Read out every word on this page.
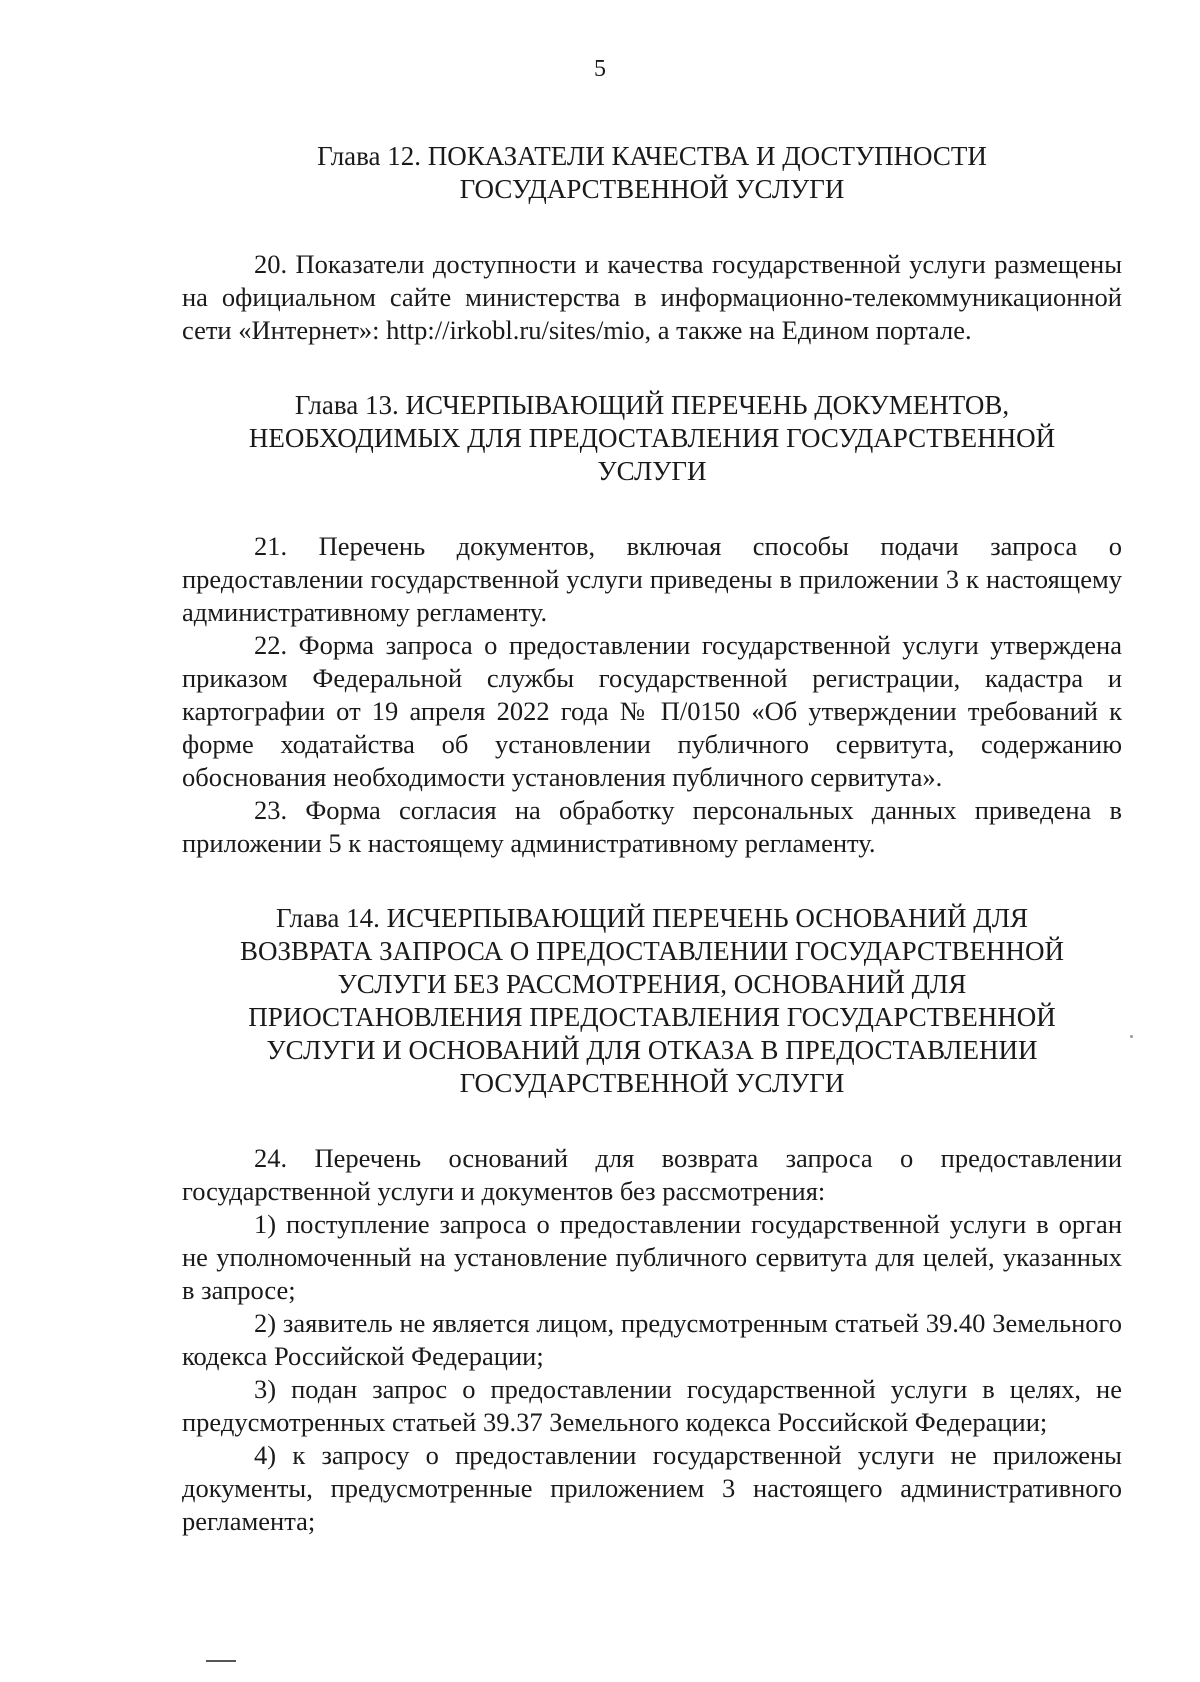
5
Глава 12. ПОКАЗАТЕЛИ КАЧЕСТВА И ДОСТУПНОСТИ
ГОСУДАРСТВЕННОЙ УСЛУГИ

20. Показатели доступности и качества государственной услуги размещены на официальном сайте министерства в информационно-телекоммуникационной сети «Интернет»: http://irkobl.ru/sites/mio, а также на Едином портале.

Глава 13. ИСЧЕРПЫВАЮЩИЙ ПЕРЕЧЕНЬ ДОКУМЕНТОВ,
НЕОБХОДИМЫХ ДЛЯ ПРЕДОСТАВЛЕНИЯ ГОСУДАРСТВЕННОЙ
УСЛУГИ

21. Перечень документов, включая способы подачи запроса о предоставлении государственной услуги приведены в приложении 3 к настоящему административному регламенту.

22. Форма запроса о предоставлении государственной услуги утверждена приказом Федеральной службы государственной регистрации, кадастра и картографии от 19 апреля 2022 года № П/0150 «Об утверждении требований к форме ходатайства об установлении публичного сервитута, содержанию обоснования необходимости установления публичного сервитута».

23. Форма согласия на обработку персональных данных приведена в приложении 5 к настоящему административному регламенту.

Глава 14. ИСЧЕРПЫВАЮЩИЙ ПЕРЕЧЕНЬ ОСНОВАНИЙ ДЛЯ
ВОЗВРАТА ЗАПРОСА О ПРЕДОСТАВЛЕНИИ ГОСУДАРСТВЕННОЙ
УСЛУГИ БЕЗ РАССМОТРЕНИЯ, ОСНОВАНИЙ ДЛЯ
ПРИОСТАНОВЛЕНИЯ ПРЕДОСТАВЛЕНИЯ ГОСУДАРСТВЕННОЙ
УСЛУГИ И ОСНОВАНИЙ ДЛЯ ОТКАЗА В ПРЕДОСТАВЛЕНИИ
ГОСУДАРСТВЕННОЙ УСЛУГИ

24. Перечень оснований для возврата запроса о предоставлении государственной услуги и документов без рассмотрения:

1) поступление запроса о предоставлении государственной услуги в орган не уполномоченный на установление публичного сервитута для целей, указанных в запросе;

2) заявитель не является лицом, предусмотренным статьей 39.40 Земельного кодекса Российской Федерации;

3) подан запрос о предоставлении государственной услуги в целях, не предусмотренных статьей 39.37 Земельного кодекса Российской Федерации;

4) к запросу о предоставлении государственной услуги не приложены документы, предусмотренные приложением 3 настоящего административного регламента;
